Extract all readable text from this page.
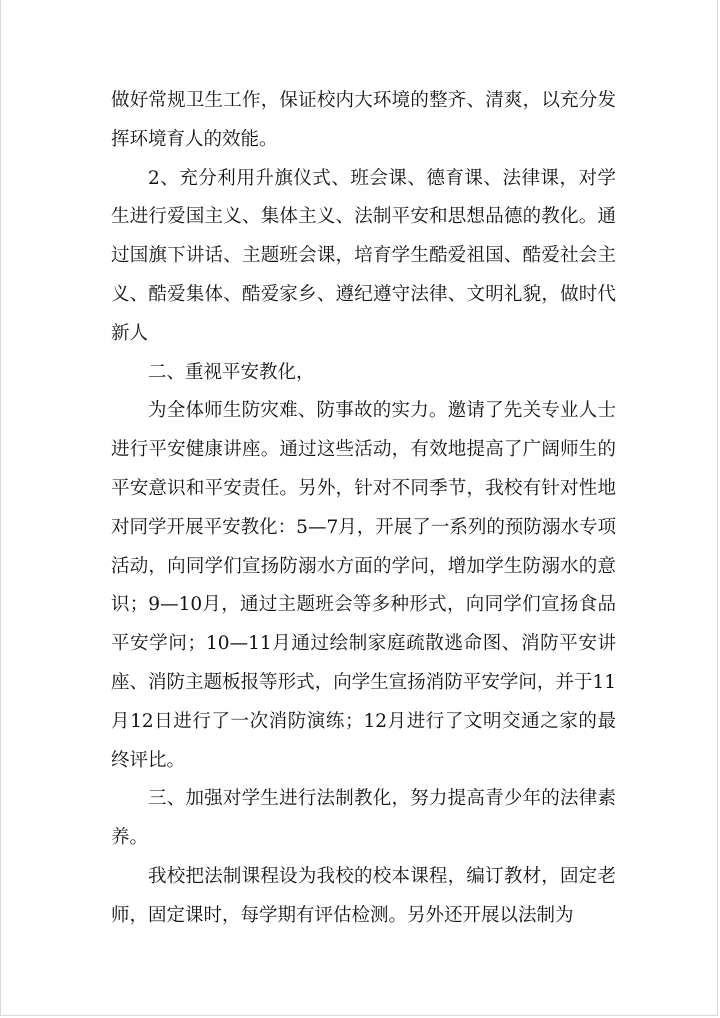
做好常规卫生工作，保证校内大环境的整齐、清爽，以充分发挥环境育人的效能。

2、充分利用升旗仪式、班会课、德育课、法律课，对学生进行爱国主义、集体主义、法制平安和思想品德的教化。通过国旗下讲话、主题班会课，培育学生酷爱祖国、酷爱社会主义、酷爱集体、酷爱家乡、遵纪遵守法律、文明礼貌，做时代新人

二、重视平安教化，

为全体师生防灾难、防事故的实力。邀请了先关专业人士进行平安健康讲座。通过这些活动，有效地提高了广阔师生的平安意识和平安责任。另外，针对不同季节，我校有针对性地对同学开展平安教化：5—7月，开展了一系列的预防溺水专项活动，向同学们宣扬防溺水方面的学问，增加学生防溺水的意识；9—10月，通过主题班会等多种形式，向同学们宣扬食品平安学问；10—11月通过绘制家庭疏散逃命图、消防平安讲座、消防主题板报等形式，向学生宣扬消防平安学问，并于11月12日进行了一次消防演练；12月进行了文明交通之家的最终评比。

三、加强对学生进行法制教化，努力提高青少年的法律素养。

我校把法制课程设为我校的校本课程，编订教材，固定老师，固定课时，每学期有评估检测。另外还开展以法制为
